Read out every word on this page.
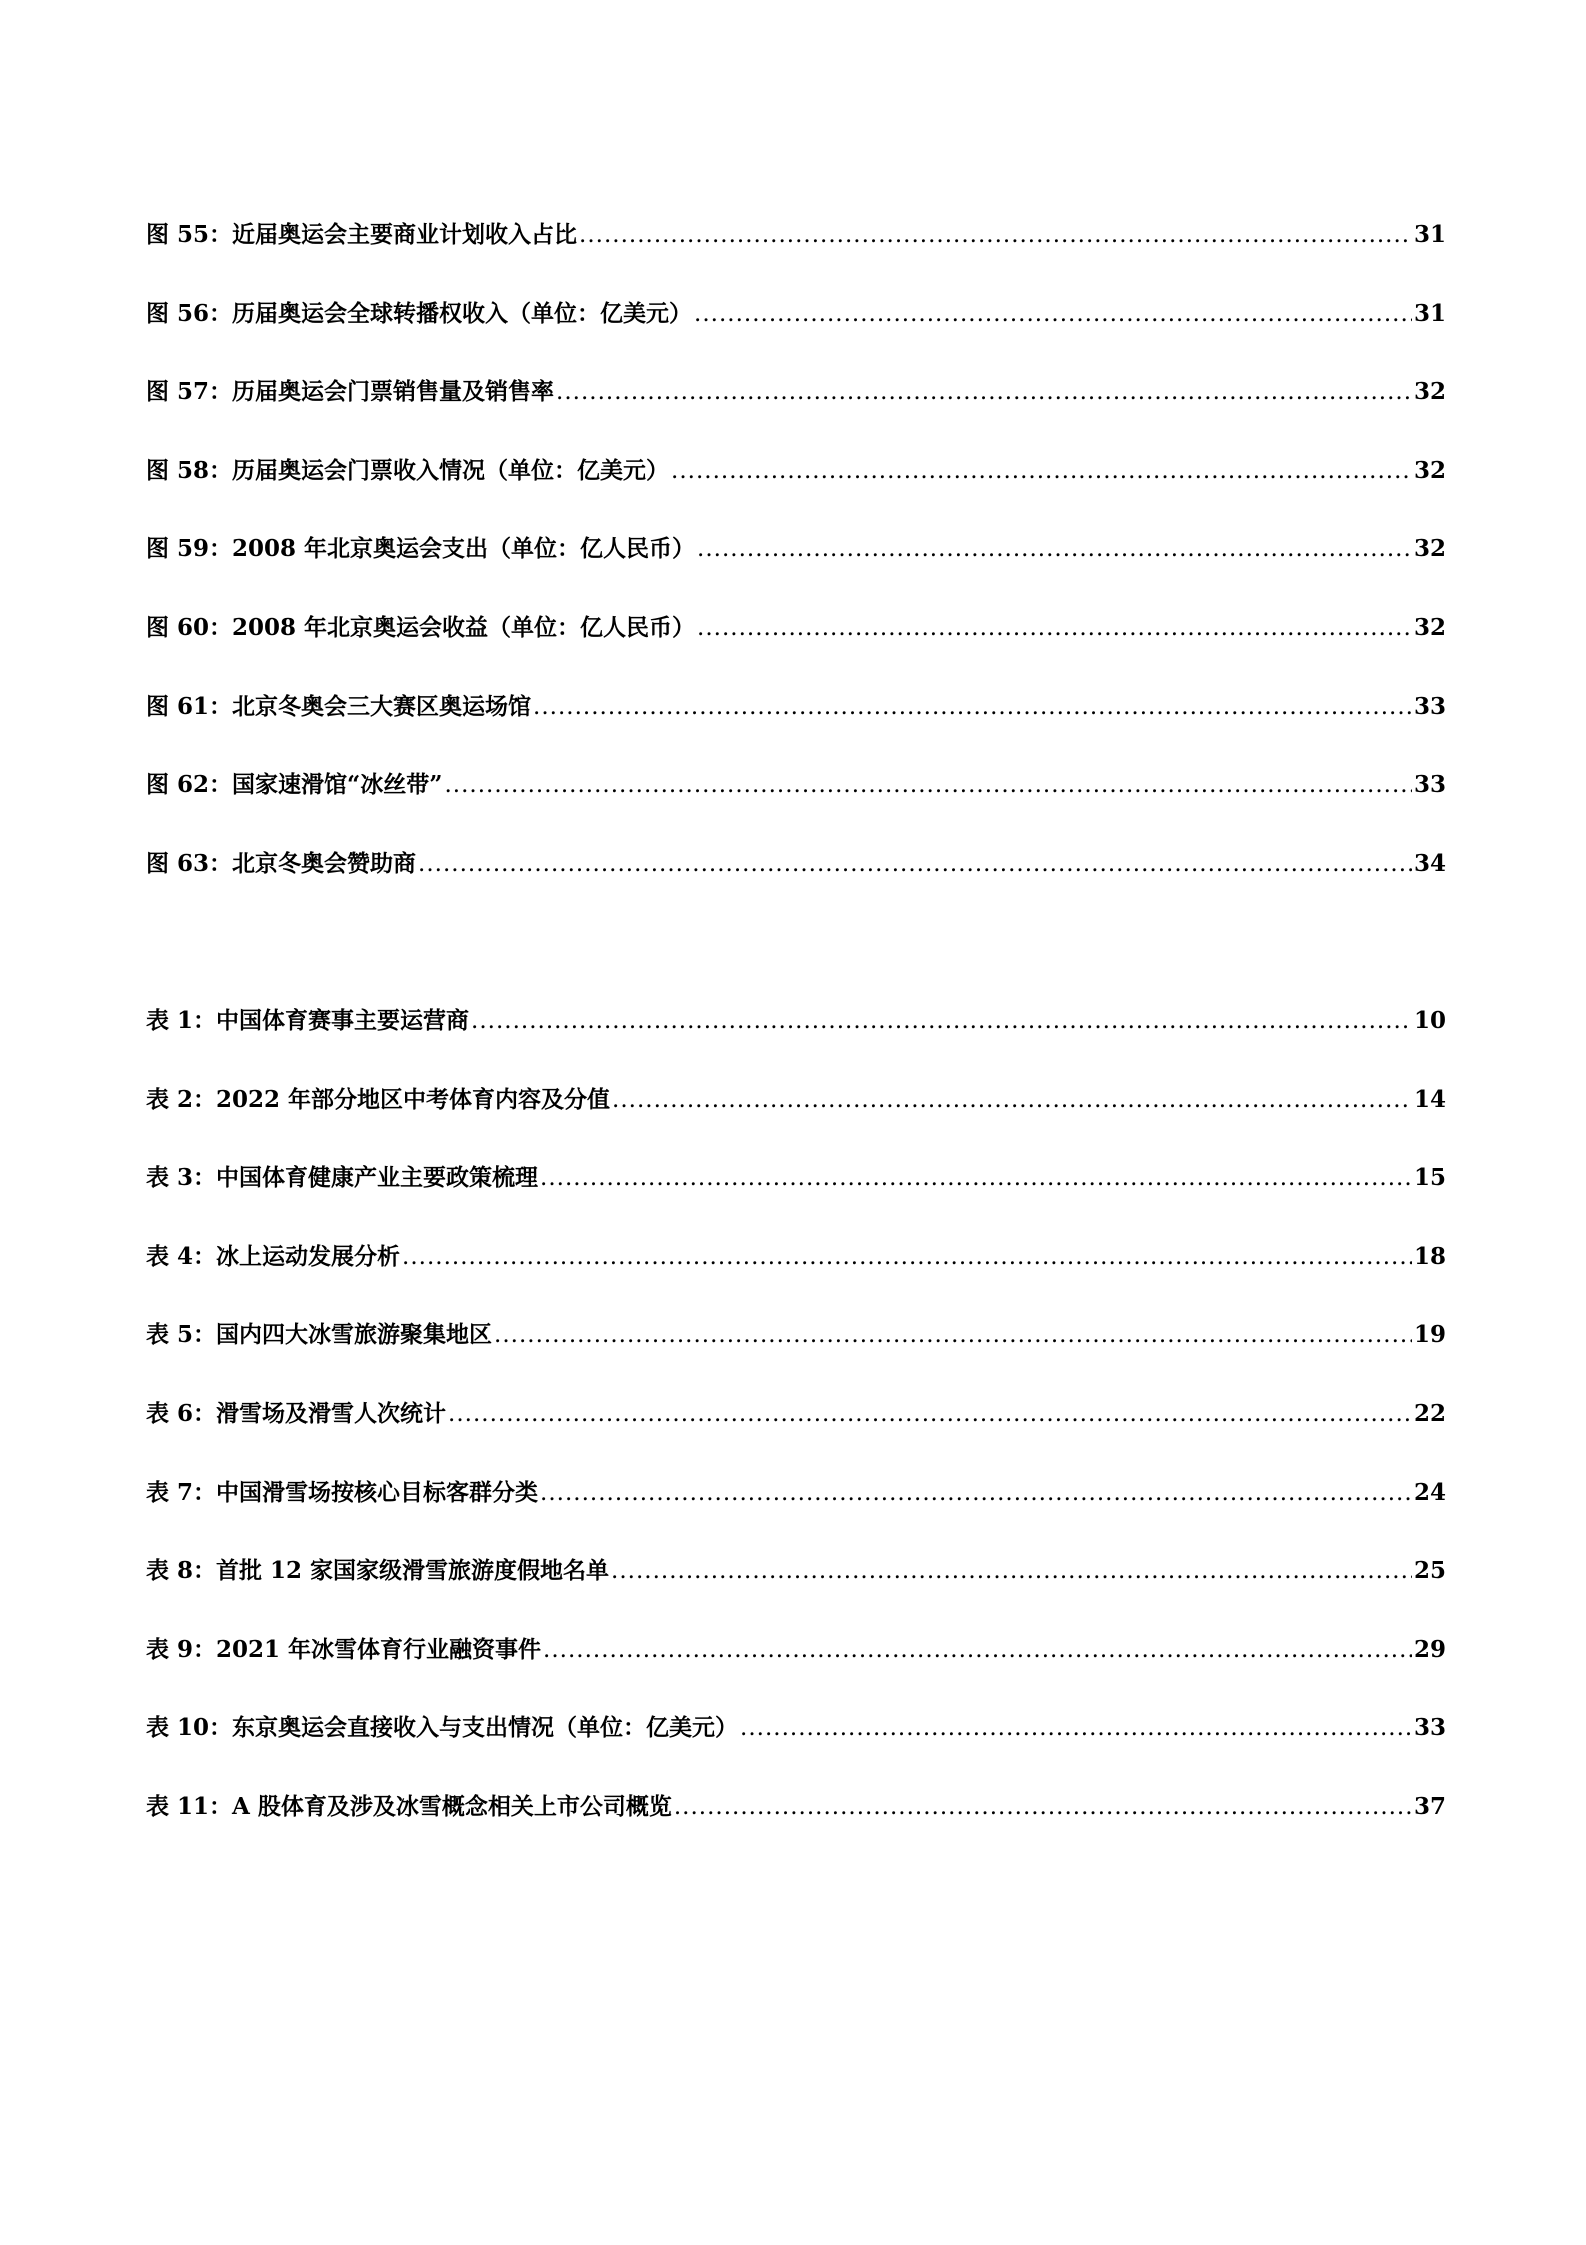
图 55：近届奥运会主要商业计划收入占比 .....	31
图 56：历届奥运会全球转播权收入（单位：亿美元） .....	31
图 57：历届奥运会门票销售量及销售率 .....	32
图 58：历届奥运会门票收入情况（单位：亿美元） .....	32
图 59：2008 年北京奥运会支出（单位：亿人民币） .....	32
图 60：2008 年北京奥运会收益（单位：亿人民币） .....	32
图 61：北京冬奥会三大赛区奥运场馆 .....	33
图 62：国家速滑馆“冰丝带” .....	33
图 63：北京冬奥会赞助商 .....	34
表 1：中国体育赛事主要运营商 .....	10
表 2：2022 年部分地区中考体育内容及分值 .....	14
表 3：中国体育健康产业主要政策梳理 .....	15
表 4：冰上运动发展分析 .....	18
表 5：国内四大冰雪旅游聚集地区 .....	19
表 6：滑雪场及滑雪人次统计 .....	22
表 7：中国滑雪场按核心目标客群分类 .....	24
表 8：首批 12 家国家级滑雪旅游度假地名单 .....	25
表 9：2021 年冰雪体育行业融资事件 .....	29
表 10：东京奥运会直接收入与支出情况（单位：亿美元） .....	33
表 11：A 股体育及涉及冰雪概念相关上市公司概览 .....	37
